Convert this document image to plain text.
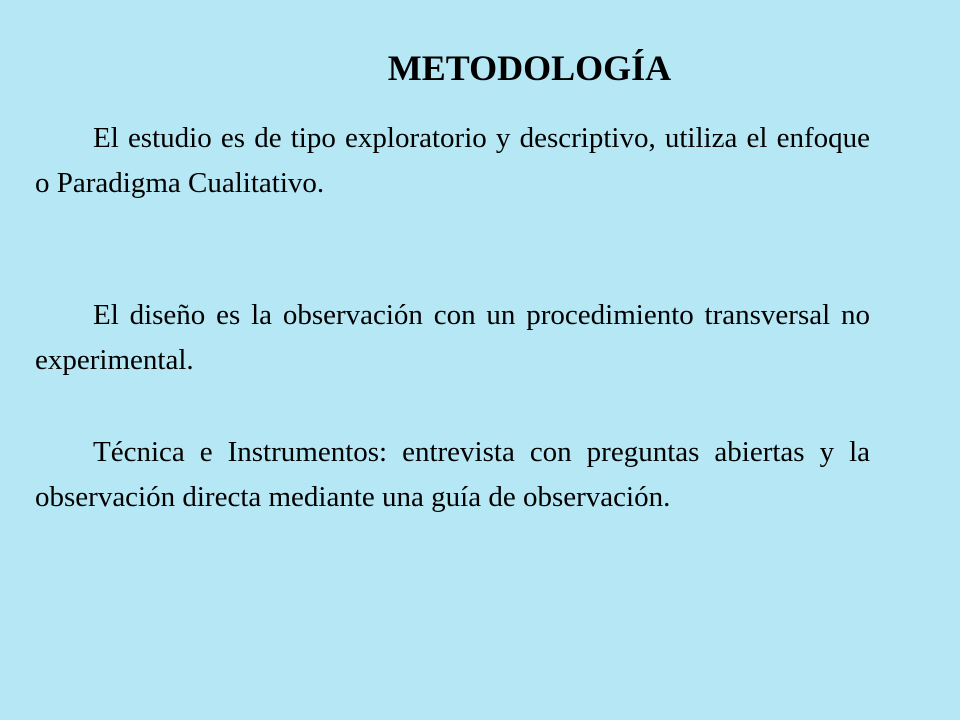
METODOLOGÍA

El estudio es de tipo exploratorio y descriptivo, utiliza el enfoque o Paradigma Cualitativo.

El diseño es la observación con un procedimiento transversal no experimental.

Técnica e Instrumentos: entrevista con preguntas abiertas y la observación directa mediante una guía de observación.
